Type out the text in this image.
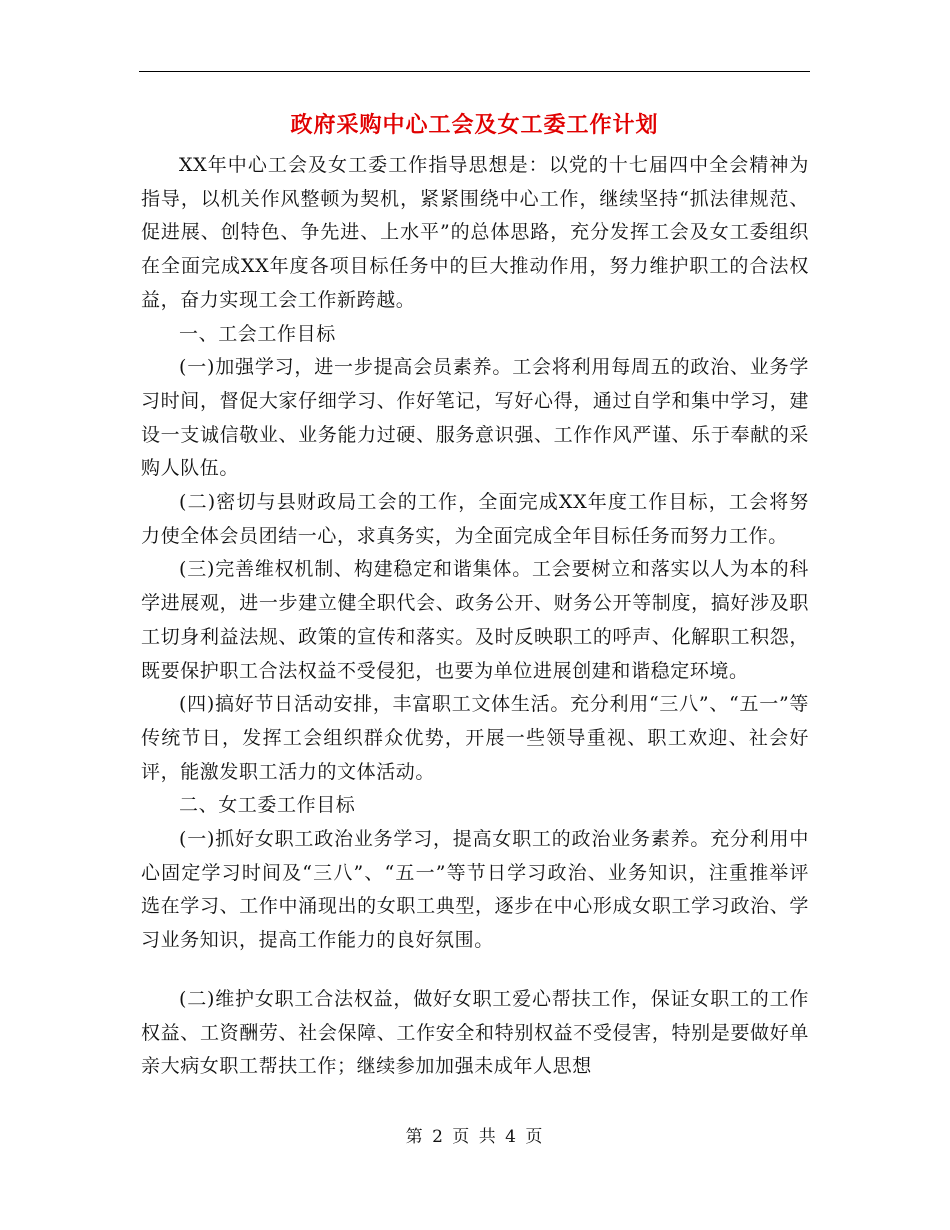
政府采购中心工会及女工委工作计划

XX年中心工会及女工委工作指导思想是：以党的十七届四中全会精神为指导，以机关作风整顿为契机，紧紧围绕中心工作，继续坚持“抓法律规范、促进展、创特色、争先进、上水平”的总体思路，充分发挥工会及女工委组织在全面完成XX年度各项目标任务中的巨大推动作用，努力维护职工的合法权益，奋力实现工会工作新跨越。

一、工会工作目标

(一)加强学习，进一步提高会员素养。工会将利用每周五的政治、业务学习时间，督促大家仔细学习、作好笔记，写好心得，通过自学和集中学习，建设一支诚信敬业、业务能力过硬、服务意识强、工作作风严谨、乐于奉献的采购人队伍。

(二)密切与县财政局工会的工作，全面完成XX年度工作目标，工会将努力使全体会员团结一心，求真务实，为全面完成全年目标任务而努力工作。

(三)完善维权机制、构建稳定和谐集体。工会要树立和落实以人为本的科学进展观，进一步建立健全职代会、政务公开、财务公开等制度，搞好涉及职工切身利益法规、政策的宣传和落实。及时反映职工的呼声、化解职工积怨，既要保护职工合法权益不受侵犯，也要为单位进展创建和谐稳定环境。

(四)搞好节日活动安排，丰富职工文体生活。充分利用“三八”、“五一”等传统节日，发挥工会组织群众优势，开展一些领导重视、职工欢迎、社会好评，能激发职工活力的文体活动。

二、女工委工作目标

(一)抓好女职工政治业务学习，提高女职工的政治业务素养。充分利用中心固定学习时间及“三八”、“五一”等节日学习政治、业务知识，注重推举评选在学习、工作中涌现出的女职工典型，逐步在中心形成女职工学习政治、学习业务知识，提高工作能力的良好氛围。

(二)维护女职工合法权益，做好女职工爱心帮扶工作，保证女职工的工作权益、工资酬劳、社会保障、工作安全和特别权益不受侵害，特别是要做好单亲大病女职工帮扶工作；继续参加加强未成年人思想

第 2 页 共 4 页
